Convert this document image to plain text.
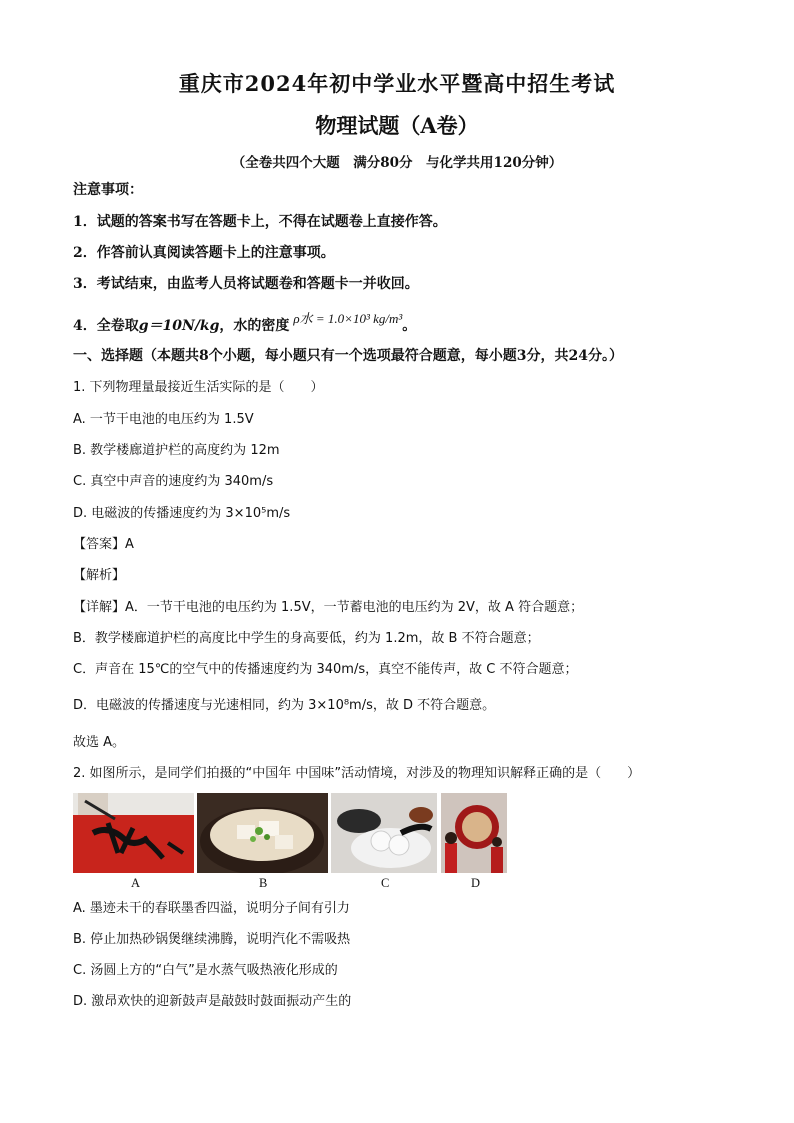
重庆市2024年初中学业水平暨高中招生考试
物理试题（A卷）
（全卷共四个大题　满分80分　与化学共用120分钟）
注意事项：
1．试题的答案书写在答题卡上，不得在试题卷上直接作答。
2．作答前认真阅读答题卡上的注意事项。
3．考试结束，由监考人员将试题卷和答题卡一并收回。
4．全卷取g＝10N/kg，水的密度 ρ水 = 1.0×10³ kg/m³。
一、选择题（本题共8个小题，每小题只有一个选项最符合题意，每小题3分，共24分。）
1. 下列物理量最接近生活实际的是（　　）
A. 一节干电池的电压约为 1.5V
B. 教学楼廊道护栏的高度约为 12m
C. 真空中声音的速度约为 340m/s
D. 电磁波的传播速度约为 3×10⁵m/s
【答案】A
【解析】
【详解】A．一节干电池的电压约为 1.5V，一节蓄电池的电压约为 2V，故 A 符合题意；
B．教学楼廊道护栏的高度比中学生的身高要低，约为 1.2m，故 B 不符合题意；
C．声音在 15℃的空气中的传播速度约为 340m/s，真空不能传声，故 C 不符合题意；
D．电磁波的传播速度与光速相同，约为 3×10⁸m/s，故 D 不符合题意。
故选 A。
2. 如图所示，是同学们拍摄的“中国年 中国味”活动情境，对涉及的物理知识解释正确的是（　　）
A	B	C	D
A. 墨迹未干的春联墨香四溢，说明分子间有引力
B. 停止加热砂锅煲继续沸腾，说明汽化不需吸热
C. 汤圆上方的“白气”是水蒸气吸热液化形成的
D. 激昂欢快的迎新鼓声是敲鼓时鼓面振动产生的
